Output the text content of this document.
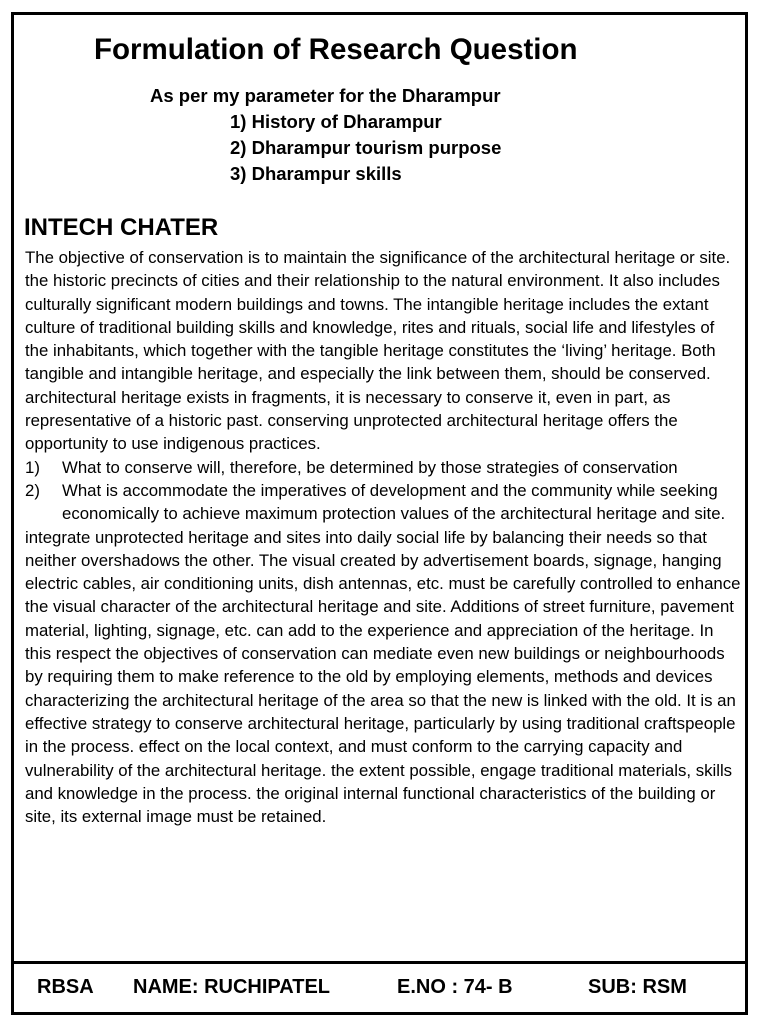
Formulation of Research Question
As per my parameter for the Dharampur
1) History of Dharampur
2) Dharampur tourism purpose
3) Dharampur skills
INTECH CHATER

The objective of conservation is to maintain the significance of the architectural heritage or site. the historic precincts of cities and their relationship to the natural environment. It also includes culturally significant modern buildings and towns. The intangible heritage includes the extant culture of traditional building skills and knowledge, rites and rituals, social life and lifestyles of the inhabitants, which together with the tangible heritage constitutes the ‘living’ heritage. Both tangible and intangible heritage, and especially the link between them, should be conserved. architectural heritage exists in fragments, it is necessary to conserve it, even in part, as representative of a historic past. conserving unprotected architectural heritage offers the opportunity to use indigenous practices.

1) What to conserve will, therefore, be determined by those strategies of conservation
2) What is accommodate the imperatives of development and the community while seeking economically to achieve maximum protection values of the architectural heritage and site.

integrate unprotected heritage and sites into daily social life by balancing their needs so that neither overshadows the other. The visual created by advertisement boards, signage, hanging electric cables, air conditioning units, dish antennas, etc. must be carefully controlled to enhance the visual character of the architectural heritage and site. Additions of street furniture, pavement material, lighting, signage, etc. can add to the experience and appreciation of the heritage. In this respect the objectives of conservation can mediate even new buildings or neighbourhoods by requiring them to make reference to the old by employing elements, methods and devices characterizing the architectural heritage of the area so that the new is linked with the old. It is an effective strategy to conserve architectural heritage, particularly by using traditional craftspeople in the process. effect on the local context, and must conform to the carrying capacity and vulnerability of the architectural heritage. the extent possible, engage traditional materials, skills and knowledge in the process. the original internal functional characteristics of the building or site, its external image must be retained.

RBSA NAME: RUCHIPATEL	E.NO : 74- B	SUB: RSM
